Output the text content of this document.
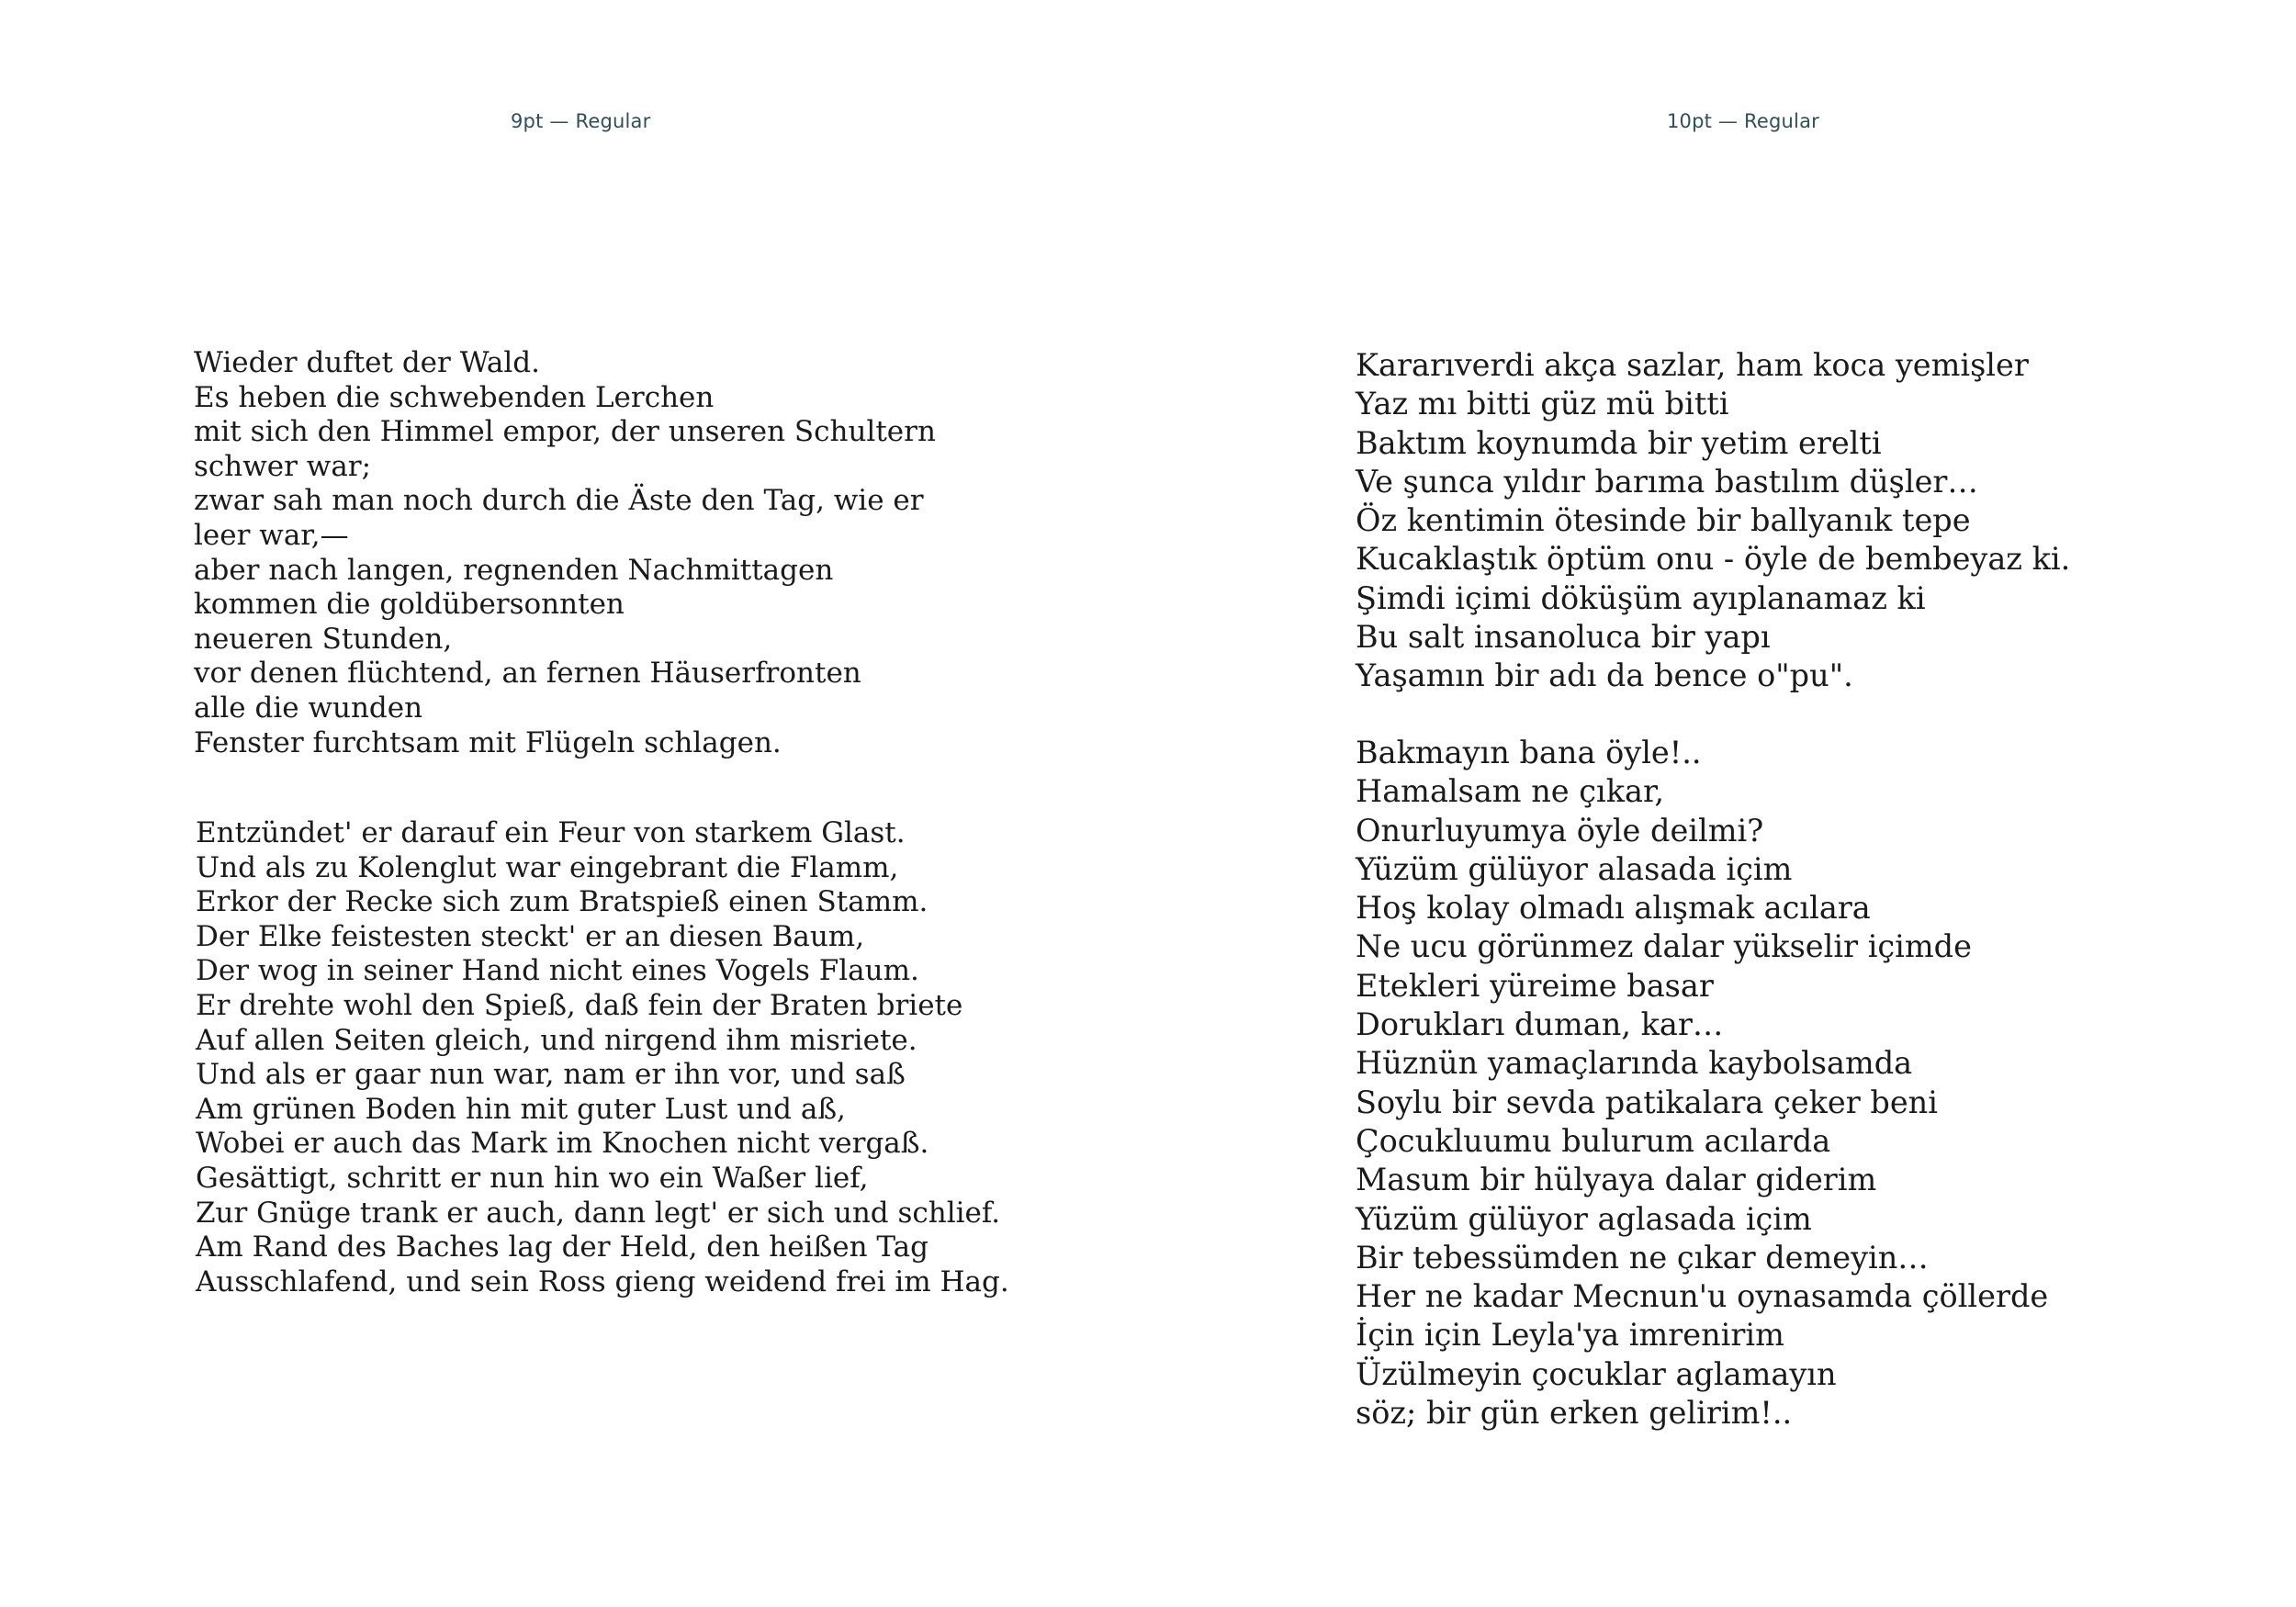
9pt — Regular
Wieder duftet der Wald.
Es heben die schwebenden Lerchen
mit sich den Himmel empor, der unseren Schultern
schwer war;
zwar sah man noch durch die Äste den Tag, wie er
leer war,—
aber nach langen, regnenden Nachmittagen
kommen die goldübersonnten
neueren Stunden,
vor denen flüchtend, an fernen Häuserfronten
alle die wunden
Fenster furchtsam mit Flügeln schlagen.
Entzündet' er darauf ein Feur von starkem Glast.
Und als zu Kolenglut war eingebrant die Flamm,
Erkor der Recke sich zum Bratspieß einen Stamm.
Der Elke feistesten steckt' er an diesen Baum,
Der wog in seiner Hand nicht eines Vogels Flaum.
Er drehte wohl den Spieß, daß fein der Braten briete
Auf allen Seiten gleich, und nirgend ihm misriete.
Und als er gaar nun war, nam er ihn vor, und saß
Am grünen Boden hin mit guter Lust und aß,
Wobei er auch das Mark im Knochen nicht vergaß.
Gesättigt, schritt er nun hin wo ein Waßer lief,
Zur Gnüge trank er auch, dann legt' er sich und schlief.
Am Rand des Baches lag der Held, den heißen Tag
Ausschlafend, und sein Ross gieng weidend frei im Hag.
10pt — Regular
Kararıverdi akça sazlar, ham koca yemişler
Yaz mı bitti güz mü bitti
Baktım koynumda bir yetim erelti
Ve şunca yıldır barıma bastılım düşler…
Öz kentimin ötesinde bir ballyanık tepe
Kucaklaştık öptüm onu - öyle de bembeyaz ki.
Şimdi içimi döküşüm ayıplanamaz ki
Bu salt insanoluca bir yapı
Yaşamın bir adı da bence o"pu".
Bakmayın bana öyle!..
Hamalsam ne çıkar,
Onurluyumya öyle deilmi?
Yüzüm gülüyor alasada içim
Hoş kolay olmadı alışmak acılara
Ne ucu görünmez dalar yükselir içimde
Etekleri yüreime basar
Dorukları duman, kar…
Hüznün yamaçlarında kaybolsamda
Soylu bir sevda patikalara çeker beni
Çocukluumu bulurum acılarda
Masum bir hülyaya dalar giderim
Yüzüm gülüyor aglasada içim
Bir tebessümden ne çıkar demeyin…
Her ne kadar Mecnun'u oynasamda çöllerde
İçin için Leyla'ya imrenirim
Üzülmeyin çocuklar aglamayın
söz; bir gün erken gelirim!..
